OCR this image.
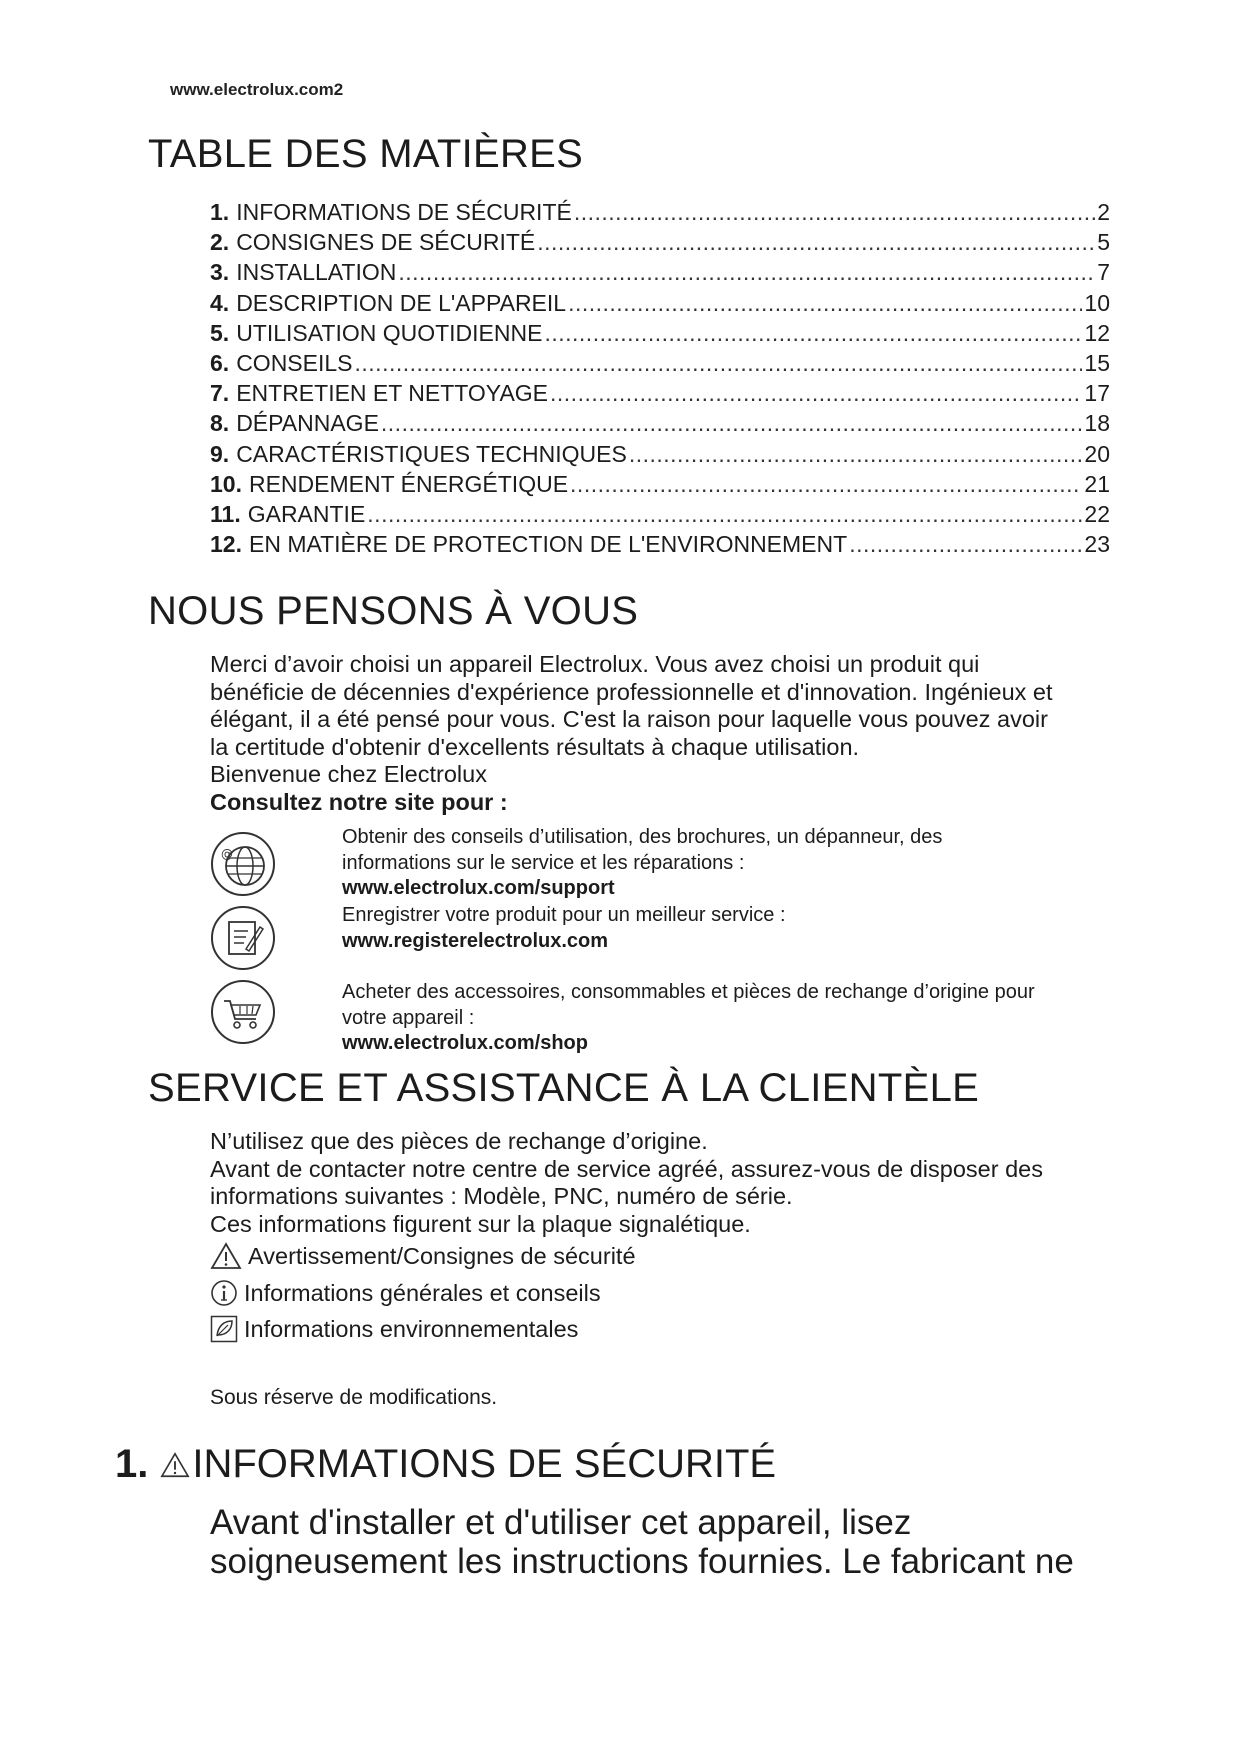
www.electrolux.com2
TABLE DES MATIÈRES
1. INFORMATIONS DE SÉCURITÉ .....	2
2. CONSIGNES DE SÉCURITÉ .....	5
3. INSTALLATION .....	7
4. DESCRIPTION DE L'APPAREIL .....	10
5. UTILISATION QUOTIDIENNE .....	12
6. CONSEILS .....	15
7. ENTRETIEN ET NETTOYAGE .....	17
8. DÉPANNAGE .....	18
9. CARACTÉRISTIQUES TECHNIQUES .....	20
10. RENDEMENT ÉNERGÉTIQUE .....	21
11. GARANTIE .....	22
12. EN MATIÈRE DE PROTECTION DE L'ENVIRONNEMENT .....	23
NOUS PENSONS À VOUS

Merci d’avoir choisi un appareil Electrolux. Vous avez choisi un produit qui

bénéficie de décennies d'expérience professionnelle et d'innovation. Ingénieux et

élégant, il a été pensé pour vous. C'est la raison pour laquelle vous pouvez avoir

la certitude d'obtenir d'excellents résultats à chaque utilisation.

Bienvenue chez Electrolux

Consultez notre site pour :

@
Obtenir des conseils d’utilisation, des brochures, un dépanneur, des
informations sur le service et les réparations :
www.electrolux.com/support
Enregistrer votre produit pour un meilleur service :
www.registerelectrolux.com
Acheter des accessoires, consommables et pièces de rechange d’origine pour
votre appareil :
www.electrolux.com/shop
SERVICE ET ASSISTANCE À LA CLIENTÈLE

N’utilisez que des pièces de rechange d’origine.

Avant de contacter notre centre de service agréé, assurez-vous de disposer des

informations suivantes : Modèle, PNC, numéro de série.

Ces informations figurent sur la plaque signalétique.

Avertissement/Consignes de sécurité
Informations générales et conseils
Informations environnementales
Sous réserve de modifications.
1. INFORMATIONS DE SÉCURITÉ
Avant d'installer et d'utiliser cet appareil, lisez
soigneusement les instructions fournies. Le fabricant ne
